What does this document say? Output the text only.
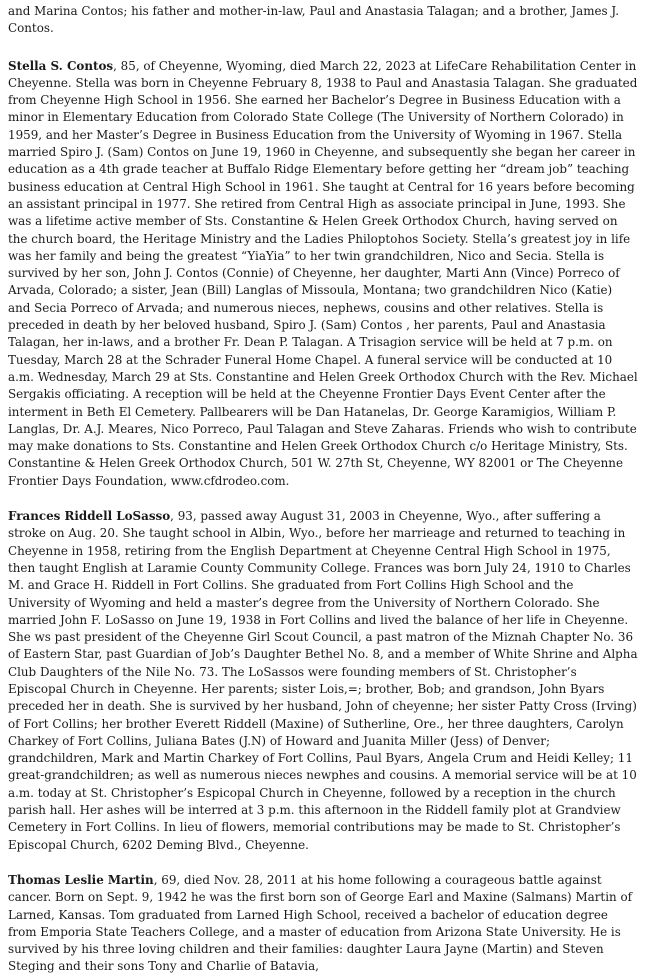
and Marina Contos; his father and mother-in-law, Paul and Anastasia Talagan; and a brother, James J. Contos.

Stella S. Contos, 85, of Cheyenne, Wyoming, died March 22, 2023 at LifeCare Rehabilitation Center in Cheyenne. Stella was born in Cheyenne February 8, 1938 to Paul and Anastasia Talagan. She graduated from Cheyenne High School in 1956. She earned her Bachelor’s Degree in Business Education with a minor in Elementary Education from Colorado State College (The University of Northern Colorado) in 1959, and her Master’s Degree in Business Education from the University of Wyoming in 1967. Stella married Spiro J. (Sam) Contos on June 19, 1960 in Cheyenne, and subsequently she began her career in education as a 4th grade teacher at Buffalo Ridge Elementary before getting her “dream job” teaching business education at Central High School in 1961. She taught at Central for 16 years before becoming an assistant principal in 1977. She retired from Central High as associate principal in June, 1993. She was a lifetime active member of Sts. Constantine & Helen Greek Orthodox Church, having served on the church board, the Heritage Ministry and the Ladies Philoptohos Society. Stella’s greatest joy in life was her family and being the greatest “YiaYia” to her twin grandchildren, Nico and Secia. Stella is survived by her son, John J. Contos (Connie) of Cheyenne, her daughter, Marti Ann (Vince) Porreco of Arvada, Colorado; a sister, Jean (Bill) Langlas of Missoula, Montana; two grandchildren Nico (Katie) and Secia Porreco of Arvada; and numerous nieces, nephews, cousins and other relatives. Stella is preceded in death by her beloved husband, Spiro J. (Sam) Contos , her parents, Paul and Anastasia Talagan, her in-laws, and a brother Fr. Dean P. Talagan. A Trisagion service will be held at 7 p.m. on Tuesday, March 28 at the Schrader Funeral Home Chapel. A funeral service will be conducted at 10 a.m. Wednesday, March 29 at Sts. Constantine and Helen Greek Orthodox Church with the Rev. Michael Sergakis officiating. A reception will be held at the Cheyenne Frontier Days Event Center after the interment in Beth El Cemetery. Pallbearers will be Dan Hatanelas, Dr. George Karamigios, William P. Langlas, Dr. A.J. Meares, Nico Porreco, Paul Talagan and Steve Zaharas. Friends who wish to contribute may make donations to Sts. Constantine and Helen Greek Orthodox Church c/o Heritage Ministry, Sts. Constantine & Helen Greek Orthodox Church, 501 W. 27th St, Cheyenne, WY 82001 or The Cheyenne Frontier Days Foundation, www.cfdrodeo.com.

Frances Riddell LoSasso, 93, passed away August 31, 2003 in Cheyenne, Wyo., after suffering a stroke on Aug. 20. She taught school in Albin, Wyo., before her marrieage and returned to teaching in Cheyenne in 1958, retiring from the English Department at Cheyenne Central High School in 1975, then taught English at Laramie County Community College. Frances was born July 24, 1910 to Charles M. and Grace H. Riddell in Fort Collins. She graduated from Fort Collins High School and the University of Wyoming and held a master’s degree from the University of Northern Colorado. She married John F. LoSasso on June 19, 1938 in Fort Collins and lived the balance of her life in Cheyenne. She ws past president of the Cheyenne Girl Scout Council, a past matron of the Miznah Chapter No. 36 of Eastern Star, past Guardian of Job’s Daughter Bethel No. 8, and a member of White Shrine and Alpha Club Daughters of the Nile No. 73. The LoSassos were founding members of St. Christopher’s Episcopal Church in Cheyenne. Her parents; sister Lois,=; brother, Bob; and grandson, John Byars preceded her in death. She is survived by her husband, John of cheyenne; her sister Patty Cross (Irving) of Fort Collins; her brother Everett Riddell (Maxine) of Sutherline, Ore., her three daughters, Carolyn Charkey of Fort Collins, Juliana Bates (J.N) of Howard and Juanita Miller (Jess) of Denver; grandchildren, Mark and Martin Charkey of Fort Collins, Paul Byars, Angela Crum and Heidi Kelley; 11 great-grandchildren; as well as numerous nieces newphes and cousins. A memorial service will be at 10 a.m. today at St. Christopher’s Espicopal Church in Cheyenne, followed by a reception in the church parish hall. Her ashes will be interred at 3 p.m. this afternoon in the Riddell family plot at Grandview Cemetery in Fort Collins. In lieu of flowers, memorial contributions may be made to St. Christopher’s Episcopal Church, 6202 Deming Blvd., Cheyenne.

Thomas Leslie Martin, 69, died Nov. 28, 2011 at his home following a courageous battle against cancer. Born on Sept. 9, 1942 he was the first born son of George Earl and Maxine (Salmans) Martin of Larned, Kansas. Tom graduated from Larned High School, received a bachelor of education degree from Emporia State Teachers College, and a master of education from Arizona State University. He is survived by his three loving children and their families: daughter Laura Jayne (Martin) and Steven Steging and their sons Tony and Charlie of Batavia,
